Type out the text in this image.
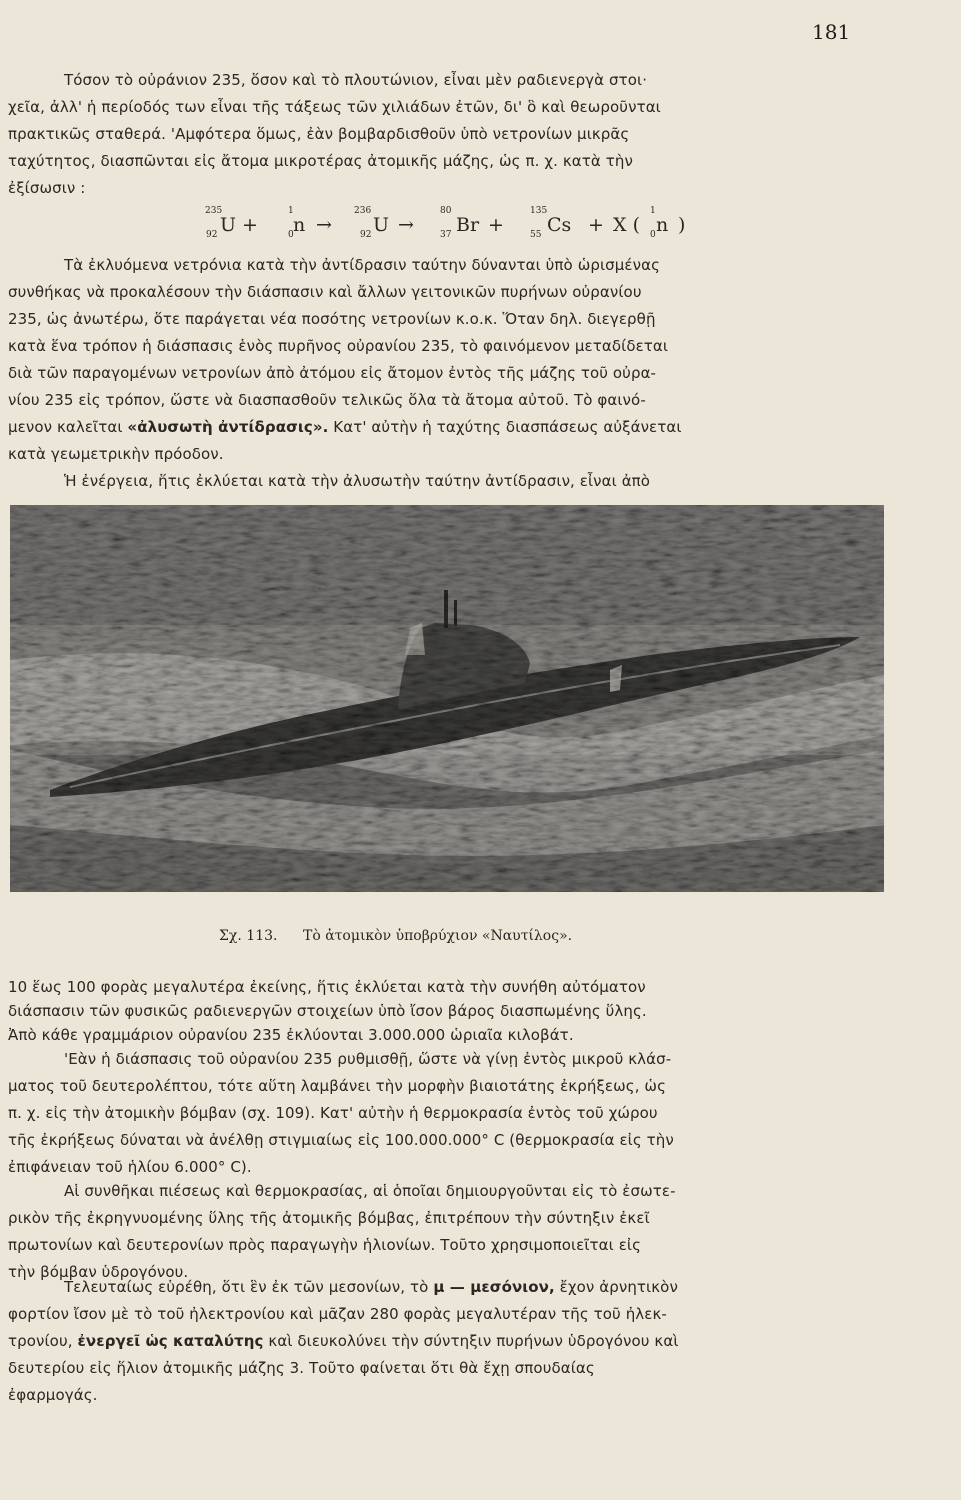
181
Τόσον τὸ οὐράνιον 235, ὅσον καὶ τὸ πλουτώνιον, εἶναι μὲν ραδιενεργὰ στοι·
χεῖα, ἀλλ' ἡ περίοδός των εἶναι τῆς τάξεως τῶν χιλιάδων ἐτῶν, δι' ὃ καὶ θεωροῦνται
πρακτικῶς σταθερά. 'Αμφότερα ὅμως, ἐὰν βομβαρδισθοῦν ὑπὸ νετρονίων μικρᾶς
ταχύτητος, διασπῶνται εἰς ἄτομα μικροτέρας ἀτομικῆς μάζης, ὡς π. χ. κατὰ τὴν
ἐξίσωσιν :
235
92 U +
1
0 n →
236
92 U →
80
37 Br +
135
55 Cs + X (
1
0 n )
Τὰ ἐκλυόμενα νετρόνια κατὰ τὴν ἀντίδρασιν ταύτην δύνανται ὑπὸ ὡρισμένας
συνθήκας νὰ προκαλέσουν τὴν διάσπασιν καὶ ἄλλων γειτονικῶν πυρήνων οὐρανίου
235, ὡς ἀνωτέρω, ὅτε παράγεται νέα ποσότης νετρονίων κ.ο.κ. Ὅταν δηλ. διεγερθῇ
κατὰ ἕνα τρόπον ἡ διάσπασις ἑνὸς πυρῆνος οὐρανίου 235, τὸ φαινόμενον μεταδίδεται
διὰ τῶν παραγομένων νετρονίων ἀπὸ ἀτόμου εἰς ἄτομον ἐντὸς τῆς μάζης τοῦ οὐρα-
νίου 235 εἰς τρόπον, ὥστε νὰ διασπασθοῦν τελικῶς ὅλα τὰ ἄτομα αὐτοῦ. Τὸ φαινό-
μενον καλεῖται «ἀλυσωτὴ ἀντίδρασις». Κατ' αὐτὴν ἡ ταχύτης διασπάσεως αὐξάνεται
κατὰ γεωμετρικὴν πρόοδον.
Ἡ ἐνέργεια, ἥτις ἐκλύεται κατὰ τὴν ἀλυσωτὴν ταύτην ἀντίδρασιν, εἶναι ἀπὸ
Σχ. 113. Τὸ ἀτομικὸν ὑποβρύχιον «Ναυτίλος».
10 ἕως 100 φορὰς μεγαλυτέρα ἐκείνης, ἥτις ἐκλύεται κατὰ τὴν συνήθη αὐτόματον
διάσπασιν τῶν φυσικῶς ραδιενεργῶν στοιχείων ὑπὸ ἴσον βάρος διασπωμένης ὕλης.
Ἀπὸ κάθε γραμμάριον οὐρανίου 235 ἐκλύονται 3.000.000 ὡριαῖα κιλοβάτ.
'Εὰν ἡ διάσπασις τοῦ οὐρανίου 235 ρυθμισθῇ, ὥστε νὰ γίνῃ ἐντὸς μικροῦ κλάσ-
ματος τοῦ δευτερολέπτου, τότε αὕτη λαμβάνει τὴν μορφὴν βιαιοτάτης ἐκρήξεως, ὡς
π. χ. εἰς τὴν ἀτομικὴν βόμβαν (σχ. 109). Κατ' αὐτὴν ἡ θερμοκρασία ἐντὸς τοῦ χώρου
τῆς ἐκρήξεως δύναται νὰ ἀνέλθῃ στιγμιαίως εἰς 100.000.000° C (θερμοκρασία εἰς τὴν
ἐπιφάνειαν τοῦ ἡλίου 6.000° C).
Αἱ συνθῆκαι πιέσεως καὶ θερμοκρασίας, αἱ ὁποῖαι δημιουργοῦνται εἰς τὸ ἐσωτε-
ρικὸν τῆς ἐκρηγνυομένης ὕλης τῆς ἀτομικῆς βόμβας, ἐπιτρέπουν τὴν σύντηξιν ἐκεῖ
πρωτονίων καὶ δευτερονίων πρὸς παραγωγὴν ἡλιονίων. Τοῦτο χρησιμοποιεῖται εἰς
τὴν βόμβαν ὑδρογόνου.
Τελευταίως εὑρέθη, ὅτι ἓν ἐκ τῶν μεσονίων, τὸ μ — μεσόνιον, ἔχον ἀρνητικὸν
φορτίον ἴσον μὲ τὸ τοῦ ἠλεκτρονίου καὶ μᾶζαν 280 φορὰς μεγαλυτέραν τῆς τοῦ ἠλεκ-
τρονίου, ἐνεργεῖ ὡς καταλύτης καὶ διευκολύνει τὴν σύντηξιν πυρήνων ὑδρογόνου καὶ
δευτερίου εἰς ἥλιον ἀτομικῆς μάζης 3. Τοῦτο φαίνεται ὅτι θὰ ἔχῃ σπουδαίας
ἐφαρμογάς.
